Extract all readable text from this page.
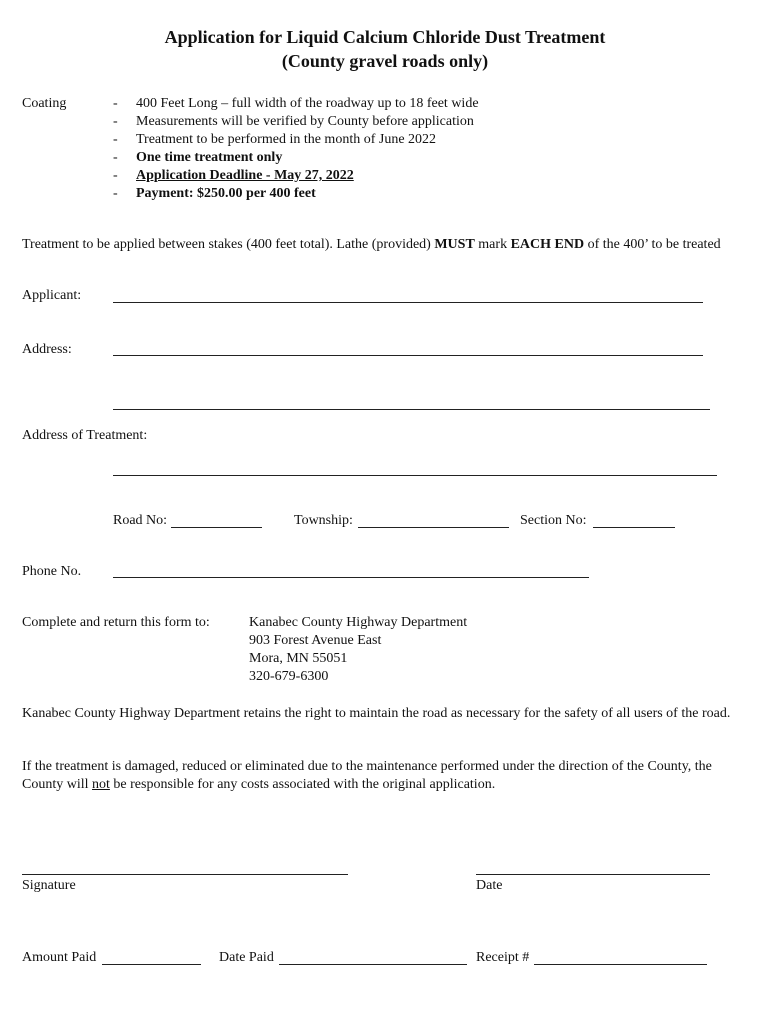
Application for Liquid Calcium Chloride Dust Treatment
(County gravel roads only)
Coating	- 400 Feet Long – full width of the roadway up to 18 feet wide
- Measurements will be verified by County before application
- Treatment to be performed in the month of June 2022
- One time treatment only
- Application Deadline - May 27, 2022
- Payment: $250.00 per 400 feet
Treatment to be applied between stakes (400 feet total). Lathe (provided) MUST mark EACH END of the 400’ to be treated
Applicant:
Address:
Address of Treatment:
Road No:	Township:	Section No:
Phone No.
Complete and return this form to:	Kanabec County Highway Department
903 Forest Avenue East
Mora, MN 55051
320-679-6300
Kanabec County Highway Department retains the right to maintain the road as necessary for the safety of all users of the road.
If the treatment is damaged, reduced or eliminated due to the maintenance performed under the direction of the County, the County will not be responsible for any costs associated with the original application.
Signature	Date
Amount Paid	Date Paid	Receipt #
